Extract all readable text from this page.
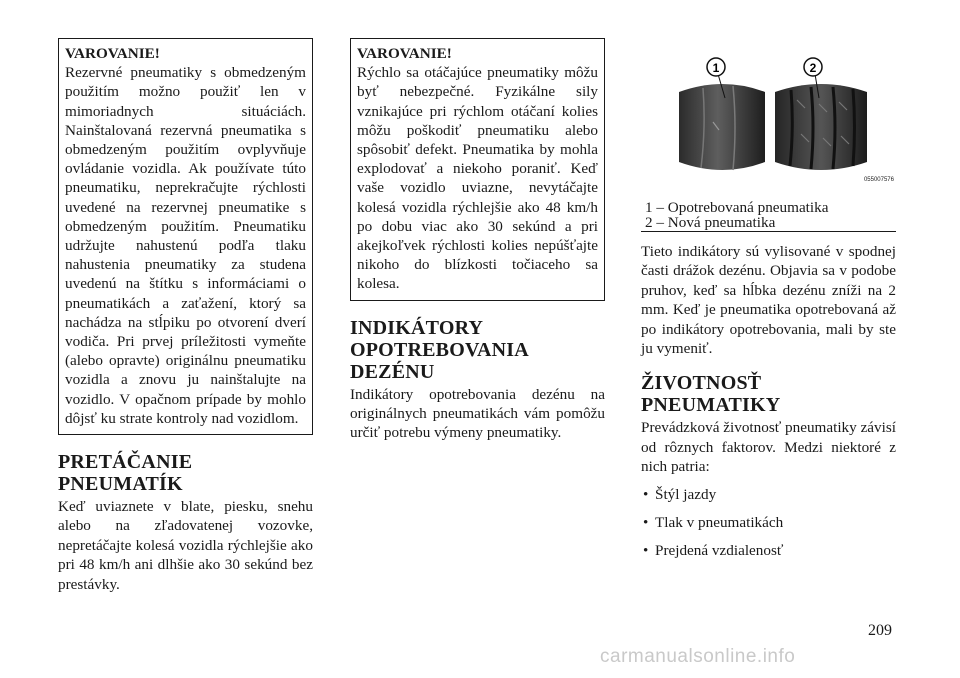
VAROVANIE!
Rezervné pneumatiky s obmedzeným použitím možno použiť len v mimoriadnych situáciách. Nainštalovaná rezervná pneumatika s obmedzeným použitím ovplyvňuje ovládanie vozidla. Ak používate túto pneumatiku, neprekračujte rýchlosti uvedené na rezervnej pneumatike s obmedzeným použitím. Pneumatiku udržujte nahustenú podľa tlaku nahustenia pneumatiky za studena uvedenú na štítku s informáciami o pneumatikách a zaťažení, ktorý sa nachádza na stĺpiku po otvorení dverí vodiča. Pri prvej príležitosti vymeňte (alebo opravte) originálnu pneumatiku vozidla a znovu ju nainštalujte na vozidlo. V opačnom prípade by mohlo dôjsť ku strate kontroly nad vozidlom.
PRETÁČANIE
PNEUMATÍK
Keď uviaznete v blate, piesku, snehu alebo na zľadovatenej vozovke, nepretáčajte kolesá vozidla rýchlejšie ako pri 48 km/h ani dlhšie ako 30 sekúnd bez prestávky.
VAROVANIE!
Rýchlo sa otáčajúce pneumatiky môžu byť nebezpečné. Fyzikálne sily vznikajúce pri rýchlom otáčaní kolies môžu poškodiť pneumatiku alebo spôsobiť defekt. Pneumatika by mohla explodovať a niekoho poraniť. Keď vaše vozidlo uviazne, nevytáčajte kolesá vozidla rýchlejšie ako 48 km/h po dobu viac ako 30 sekúnd a pri akejkoľvek rýchlosti kolies nepúšťajte nikoho do blízkosti točiaceho sa kolesa.
INDIKÁTORY
OPOTREBOVANIA
DEZÉNU
Indikátory opotrebovania dezénu na originálnych pneumatikách vám pomôžu určiť potrebu výmeny pneumatiky.
1	2
055007576
1 – Opotrebovaná pneumatika
2 – Nová pneumatika
Tieto indikátory sú vylisované v spodnej časti drážok dezénu. Objavia sa v podobe pruhov, keď sa hĺbka dezénu zníži na 2 mm. Keď je pneumatika opotrebovaná až po indikátory opotrebovania, mali by ste ju vymeniť.
ŽIVOTNOSŤ
PNEUMATIKY
Prevádzková životnosť pneumatiky závisí od rôznych faktorov. Medzi niektoré z nich patria:
• Štýl jazdy
• Tlak v pneumatikách
• Prejdená vzdialenosť
209
carmanualsonline.info
